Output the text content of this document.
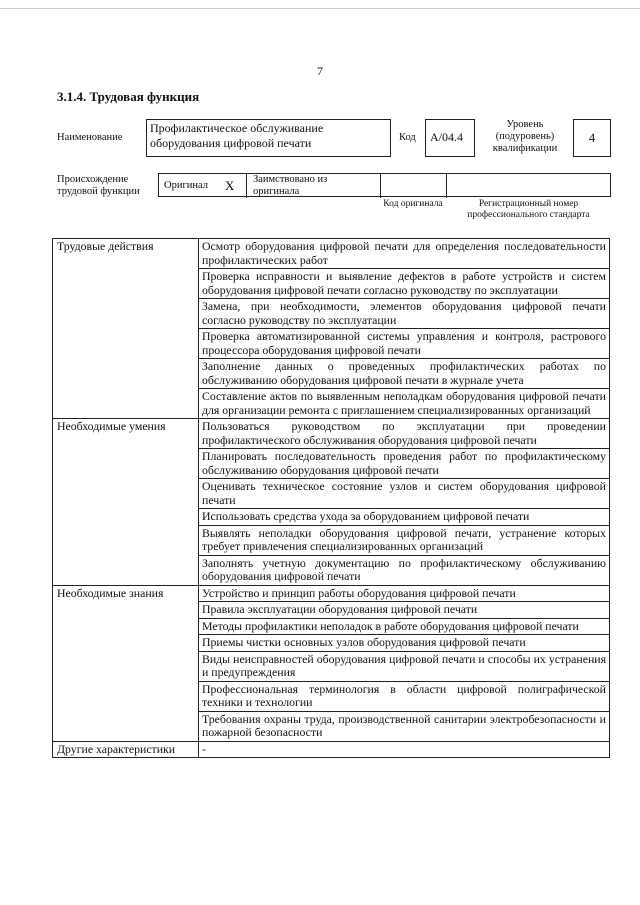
7
3.1.4. Трудовая функция
Наименование
Профилактическое обслуживание оборудования цифровой печати	Код	А/04.4
Уровень (подуровень) квалификации
4
Происхождение трудовой функции
Оригинал X Заимствовано из оригинала
Код оригинала	Регистрационный номер профессионального стандарта
Трудовые действия	Осмотр оборудования цифровой печати для определения последовательности профилактических работ
	Проверка исправности и выявление дефектов в работе устройств и систем оборудования цифровой печати согласно руководству по эксплуатации
	Замена, при необходимости, элементов оборудования цифровой печати согласно руководству по эксплуатации
	Проверка автоматизированной системы управления и контроля, растрового процессора оборудования цифровой печати
	Заполнение данных о проведенных профилактических работах по обслуживанию оборудования цифровой печати в журнале учета
	Составление актов по выявленным неполадкам оборудования цифровой печати для организации ремонта с приглашением специализированных организаций
Необходимые умения	Пользоваться руководством по эксплуатации при проведении профилактического обслуживания оборудования цифровой печати
	Планировать последовательность проведения работ по профилактическому обслуживанию оборудования цифровой печати
	Оценивать техническое состояние узлов и систем оборудования цифровой печати
	Использовать средства ухода за оборудованием цифровой печати
	Выявлять неполадки оборудования цифровой печати, устранение которых требует привлечения специализированных организаций
	Заполнять учетную документацию по профилактическому обслуживанию оборудования цифровой печати
Необходимые знания	Устройство и принцип работы оборудования цифровой печати
	Правила эксплуатации оборудования цифровой печати
	Методы профилактики неполадок в работе оборудования цифровой печати
	Приемы чистки основных узлов оборудования цифровой печати
	Виды неисправностей оборудования цифровой печати и способы их устранения и предупреждения
	Профессиональная терминология в области цифровой полиграфической техники и технологии
	Требования охраны труда, производственной санитарии электробезопасности и пожарной безопасности
Другие характеристики	-
